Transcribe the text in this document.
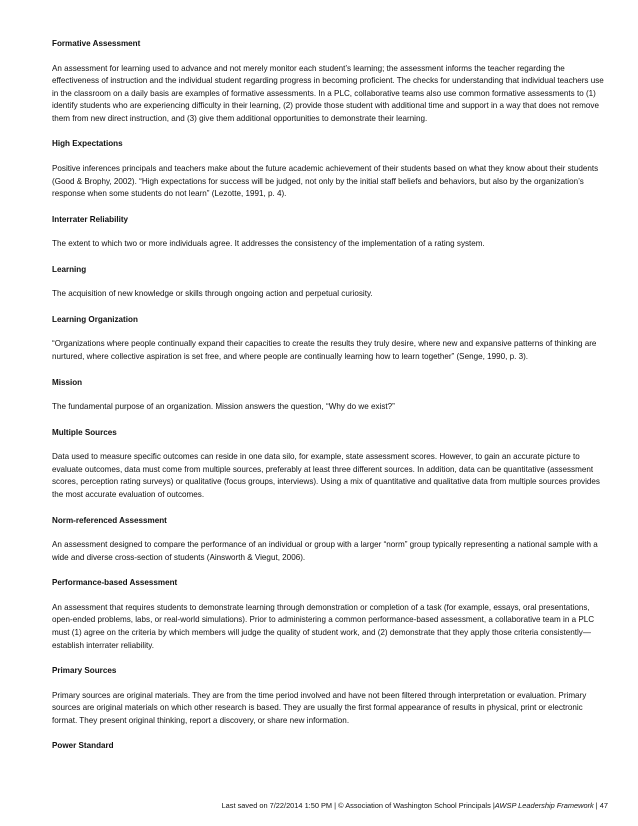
Formative Assessment
An assessment for learning used to advance and not merely monitor each student’s learning; the assessment informs the teacher regarding the effectiveness of instruction and the individual student regarding progress in becoming proficient. The checks for understanding that individual teachers use in the classroom on a daily basis are examples of formative assessments. In a PLC, collaborative teams also use common formative assessments to (1) identify students who are experiencing difficulty in their learning, (2) provide those student with additional time and support in a way that does not remove them from new direct instruction, and (3) give them additional opportunities to demonstrate their learning.
High Expectations
Positive inferences principals and teachers make about the future academic achievement of their students based on what they know about their students (Good & Brophy, 2002). “High expectations for success will be judged, not only by the initial staff beliefs and behaviors, but also by the organization’s response when some students do not learn” (Lezotte, 1991, p. 4).
Interrater Reliability
The extent to which two or more individuals agree. It addresses the consistency of the implementation of a rating system.
Learning
The acquisition of new knowledge or skills through ongoing action and perpetual curiosity.
Learning Organization
“Organizations where people continually expand their capacities to create the results they truly desire, where new and expansive patterns of thinking are nurtured, where collective aspiration is set free, and where people are continually learning how to learn together” (Senge, 1990, p. 3).
Mission
The fundamental purpose of an organization. Mission answers the question, “Why do we exist?”
Multiple Sources
Data used to measure specific outcomes can reside in one data silo, for example, state assessment scores. However, to gain an accurate picture to evaluate outcomes, data must come from multiple sources, preferably at least three different sources. In addition, data can be quantitative (assessment scores, perception rating surveys) or qualitative (focus groups, interviews). Using a mix of quantitative and qualitative data from multiple sources provides the most accurate evaluation of outcomes.
Norm-referenced Assessment
An assessment designed to compare the performance of an individual or group with a larger “norm” group typically representing a national sample with a wide and diverse cross-section of students (Ainsworth & Viegut, 2006).
Performance-based Assessment
An assessment that requires students to demonstrate learning through demonstration or completion of a task (for example, essays, oral presentations, open-ended problems, labs, or real-world simulations). Prior to administering a common performance-based assessment, a collaborative team in a PLC must (1) agree on the criteria by which members will judge the quality of student work, and (2) demonstrate that they apply those criteria consistently—establish interrater reliability.
Primary Sources
Primary sources are original materials. They are from the time period involved and have not been filtered through interpretation or evaluation. Primary sources are original materials on which other research is based. They are usually the first formal appearance of results in physical, print or electronic format. They present original thinking, report a discovery, or share new information.
Power Standard
Last saved on 7/22/2014 1:50 PM | © Association of Washington School Principals |AWSP Leadership Framework | 47
